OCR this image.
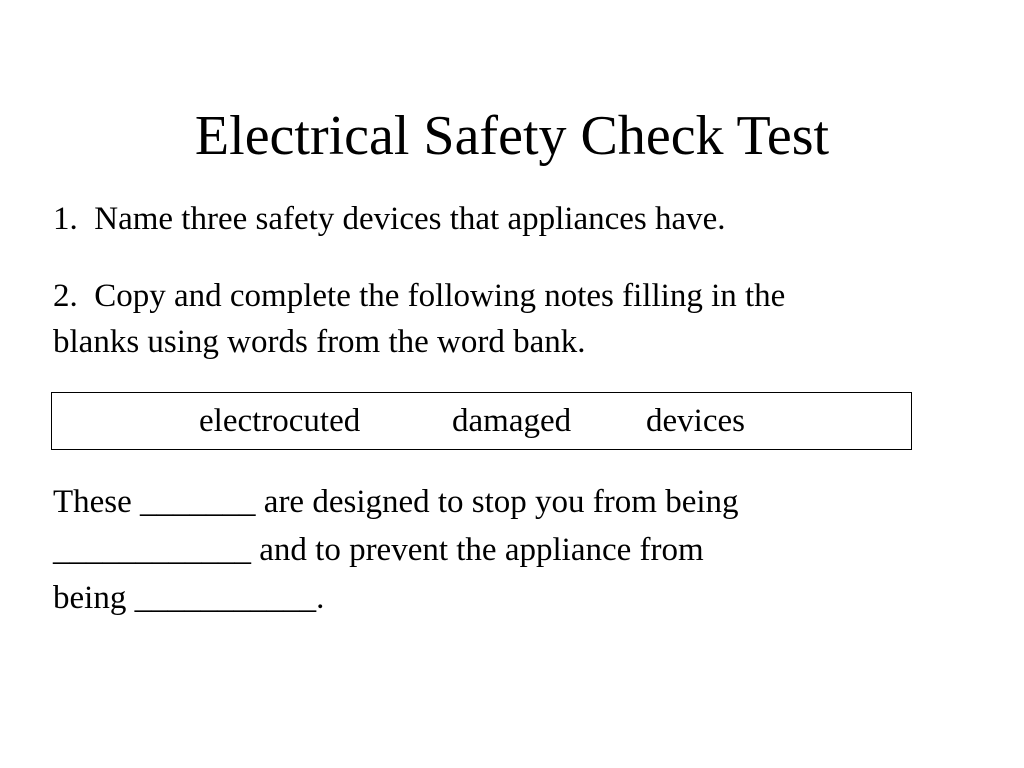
Electrical Safety Check Test
1.  Name three safety devices that appliances have.
2.  Copy and complete the following notes filling in the
blanks using words from the word bank.
electrocuted	damaged devices
These _______ are designed to stop you from being
____________ and to prevent the appliance from
being ___________.
